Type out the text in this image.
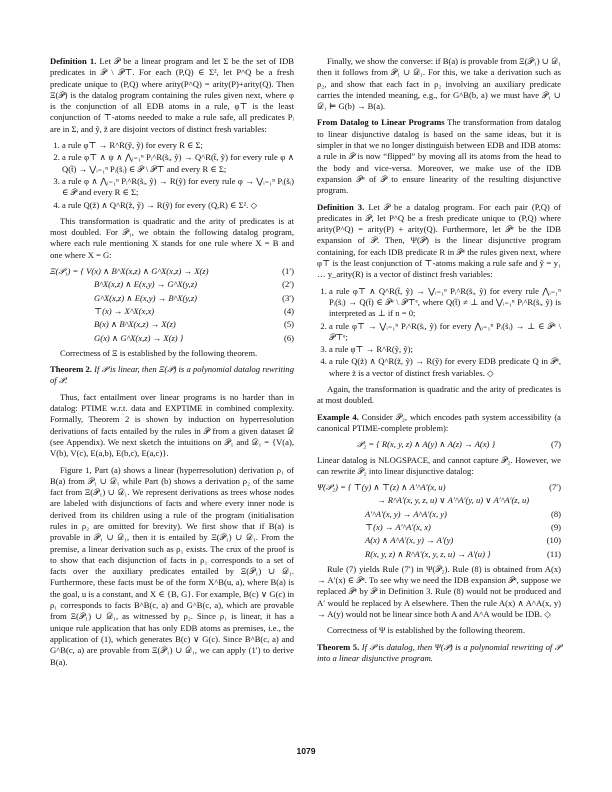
Definition 1. Let 𝒫 be a linear program and let Σ be the set of IDB predicates in 𝒫 \ 𝒫⊤. For each (P,Q) ∈ Σ², let P^Q be a fresh predicate unique to (P,Q) where arity(P^Q) = arity(P)+arity(Q). Then Ξ(𝒫) is the datalog program containing the rules given next, where φ is the conjunction of all EDB atoms in a rule, φ⊤ is the least conjunction of ⊤-atoms needed to make a rule safe, all predicates Pᵢ are in Σ, and ỹ, z̃ are disjoint vectors of distinct fresh variables:

1. a rule φ⊤ → R^R(ỹ, ỹ) for every R ∈ Σ;
2. a rule φ⊤ ∧ ψ ∧ ⋀ᵢ₌₁ⁿ Pᵢ^R(s̃ᵢ, ỹ) → Q^R(t̃, ỹ) for every rule φ ∧ Q(t̃) → ⋁ᵢ₌₁ⁿ Pᵢ(s̃ᵢ) ∈ 𝒫 \ 𝒫⊤ and every R ∈ Σ;
3. a rule φ ∧ ⋀ᵢ₌₁ⁿ Pᵢ^R(s̃ᵢ, ỹ) → R(ỹ) for every rule φ → ⋁ᵢ₌₁ⁿ Pᵢ(s̃ᵢ) ∈ 𝒫 and every R ∈ Σ;
4. a rule Q(z̃) ∧ Q^R(z̃, ỹ) → R(ỹ) for every (Q,R) ∈ Σ². ◇

This transformation is quadratic and the arity of predicates is at most doubled. For 𝒫₁, we obtain the following datalog program, where each rule mentioning X stands for one rule where X = B and one where X = G:

Ξ(𝒫₁) = { V(x) ∧ B^X(x,z) ∧ G^X(x,z) → X(z)	(1′)
B^X(x,z) ∧ E(x,y) → G^X(y,z)	(2′)
G^X(x,z) ∧ E(x,y) → B^X(y,z)	(3′)
⊤(x) → X^X(x,x)	(4)
B(x) ∧ B^X(x,z) → X(z)	(5)
G(x) ∧ G^X(x,z) → X(z) }	(6)

Correctness of Ξ is established by the following theorem.

Theorem 2. If 𝒫 is linear, then Ξ(𝒫) is a polynomial datalog rewriting of 𝒫.

Thus, fact entailment over linear programs is no harder than in datalog: PTIME w.r.t. data and EXPTIME in combined complexity. Formally, Theorem 2 is shown by induction on hyperresolution derivations of facts entailed by the rules in 𝒫 from a given dataset 𝒟 (see Appendix). We next sketch the intuitions on 𝒫₁ and 𝒟₁ = {V(a), V(b), V(c), E(a,b), E(b,c), E(a,c)}.

Figure 1, Part (a) shows a linear (hyperresolution) derivation ρ₁ of B(a) from 𝒫₁ ∪ 𝒟₁ while Part (b) shows a derivation ρ₂ of the same fact from Ξ(𝒫₁) ∪ 𝒟₁. We represent derivations as trees whose nodes are labeled with disjunctions of facts and where every inner node is derived from its children using a rule of the program (initialisation rules in ρ₂ are omitted for brevity). We first show that if B(a) is provable in 𝒫₁ ∪ 𝒟₁, then it is entailed by Ξ(𝒫₁) ∪ 𝒟₁. From the premise, a linear derivation such as ρ₁ exists. The crux of the proof is to show that each disjunction of facts in ρ₁ corresponds to a set of facts over the auxiliary predicates entailed by Ξ(𝒫₁) ∪ 𝒟₁. Furthermore, these facts must be of the form X^B(u, a), where B(a) is the goal, u is a constant, and X ∈ {B, G}. For example, B(c) ∨ G(c) in ρ₁ corresponds to facts B^B(c, a) and G^B(c, a), which are provable from Ξ(𝒫₁) ∪ 𝒟₁, as witnessed by ρ₂. Since ρ₁ is linear, it has a unique rule application that has only EDB atoms as premises, i.e., the application of (1), which generates B(c) ∨ G(c). Since B^B(c, a) and G^B(c, a) are provable from Ξ(𝒫₁) ∪ 𝒟₁, we can apply (1′) to derive B(a).

Finally, we show the converse: if B(a) is provable from Ξ(𝒫₁) ∪ 𝒟₁ then it follows from 𝒫₁ ∪ 𝒟₁. For this, we take a derivation such as ρ₂, and show that each fact in ρ₂ involving an auxiliary predicate carries the intended meaning, e.g., for G^B(b, a) we must have 𝒫₁ ∪ 𝒟₁ ⊨ G(b) → B(a).

From Datalog to Linear Programs The transformation from datalog to linear disjunctive datalog is based on the same ideas, but it is simpler in that we no longer distinguish between EDB and IDB atoms: a rule in 𝒫 is now “flipped” by moving all its atoms from the head to the body and vice-versa. Moreover, we make use of the IDB expansion 𝒫ᵉ of 𝒫 to ensure linearity of the resulting disjunctive program.

Definition 3. Let 𝒫 be a datalog program. For each pair (P,Q) of predicates in 𝒫, let P^Q be a fresh predicate unique to (P,Q) where arity(P^Q) = arity(P) + arity(Q). Furthermore, let 𝒫ᵉ be the IDB expansion of 𝒫. Then, Ψ(𝒫) is the linear disjunctive program containing, for each IDB predicate R in 𝒫ᵉ the rules given next, where φ⊤ is the least conjunction of ⊤-atoms making a rule safe and ỹ = y₁ … y_arity(R) is a vector of distinct fresh variables:

1. a rule φ⊤ ∧ Q^R(t̃, ỹ) → ⋁ᵢ₌₁ⁿ Pᵢ^R(s̃ᵢ, ỹ) for every rule ⋀ᵢ₌₁ⁿ Pᵢ(s̃ᵢ) → Q(t̃) ∈ 𝒫ᵉ \ 𝒫⊤ᵉ, where Q(t̃) ≠ ⊥ and ⋁ᵢ₌₁ⁿ Pᵢ^R(s̃ᵢ, ỹ) is interpreted as ⊥ if n = 0;
2. a rule φ⊤ → ⋁ᵢ₌₁ⁿ Pᵢ^R(s̃ᵢ, ỹ) for every ⋀ᵢ₌₁ⁿ Pᵢ(s̃ᵢ) → ⊥ ∈ 𝒫ᵉ \ 𝒫⊤ᵉ;
3. a rule φ⊤ → R^R(ỹ, ỹ);
4. a rule Q(z̃) ∧ Q^R(z̃, ỹ) → R(ỹ) for every EDB predicate Q in 𝒫ᵉ, where z̃ is a vector of distinct fresh variables. ◇

Again, the transformation is quadratic and the arity of predicates is at most doubled.

Example 4. Consider 𝒫₂, which encodes path system accessibility (a canonical PTIME-complete problem):

𝒫₂ = { R(x, y, z) ∧ A(y) ∧ A(z) → A(x) }	(7)

Linear datalog is NLOGSPACE, and cannot capture 𝒫₂. However, we can rewrite 𝒫₂ into linear disjunctive datalog:

Ψ(𝒫₂) = { ⊤(y) ∧ ⊤(z) ∧ A′^A′(x, u)	(7′)
→ R^A′(x, y, z, u) ∨ A′^A′(y, u) ∨ A′^A′(z, u)
A′^A′(x, y) → A^A′(x, y)	(8)
⊤(x) → A′^A′(x, x)	(9)
A(x) ∧ A^A′(x, y) → A′(y)	(10)
R(x, y, z) ∧ R^A′(x, y, z, u) → A′(u) }	(11)

Rule (7) yields Rule (7′) in Ψ(𝒫₂). Rule (8) is obtained from A(x) → A′(x) ∈ 𝒫ᵉ. To see why we need the IDB expansion 𝒫ᵉ, suppose we replaced 𝒫ᵉ by 𝒫 in Definition 3. Rule (8) would not be produced and A′ would be replaced by A elsewhere. Then the rule A(x) ∧ A^A(x, y) → A(y) would not be linear since both A and A^A would be IDB. ◇

Correctness of Ψ is established by the following theorem.

Theorem 5. If 𝒫 is datalog, then Ψ(𝒫) is a polynomial rewriting of 𝒫 into a linear disjunctive program.

1079
